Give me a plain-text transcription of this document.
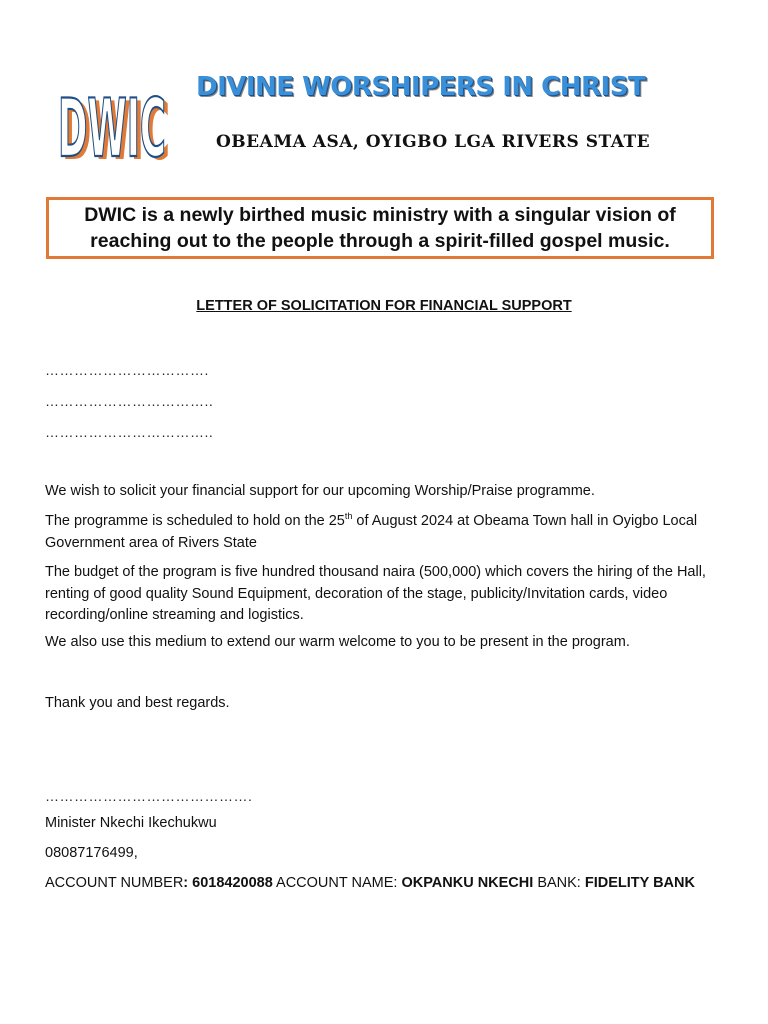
DWIC
DWIC DIVINE WORSHIPERS IN CHRIST
OBEAMA ASA, OYIGBO LGA RIVERS STATE
DWIC is a newly birthed music ministry with a singular vision of
reaching out to the people through a spirit-filled gospel music.
LETTER OF SOLICITATION FOR FINANCIAL SUPPORT
…………………………….
……………………………..
……………………………..
We wish to solicit your financial support for our upcoming Worship/Praise programme.
The programme is scheduled to hold on the 25th of August 2024 at Obeama Town hall in Oyigbo Local Government area of Rivers State
The budget of the program is five hundred thousand naira (500,000) which covers the hiring of the Hall, renting of good quality Sound Equipment, decoration of the stage, publicity/Invitation cards, video recording/online streaming and logistics.
We also use this medium to extend our warm welcome to you to be present in the program.
Thank you and best regards.
…………………………………….
Minister Nkechi Ikechukwu
08087176499,
ACCOUNT NUMBER: 6018420088 ACCOUNT NAME: OKPANKU NKECHI BANK: FIDELITY BANK
